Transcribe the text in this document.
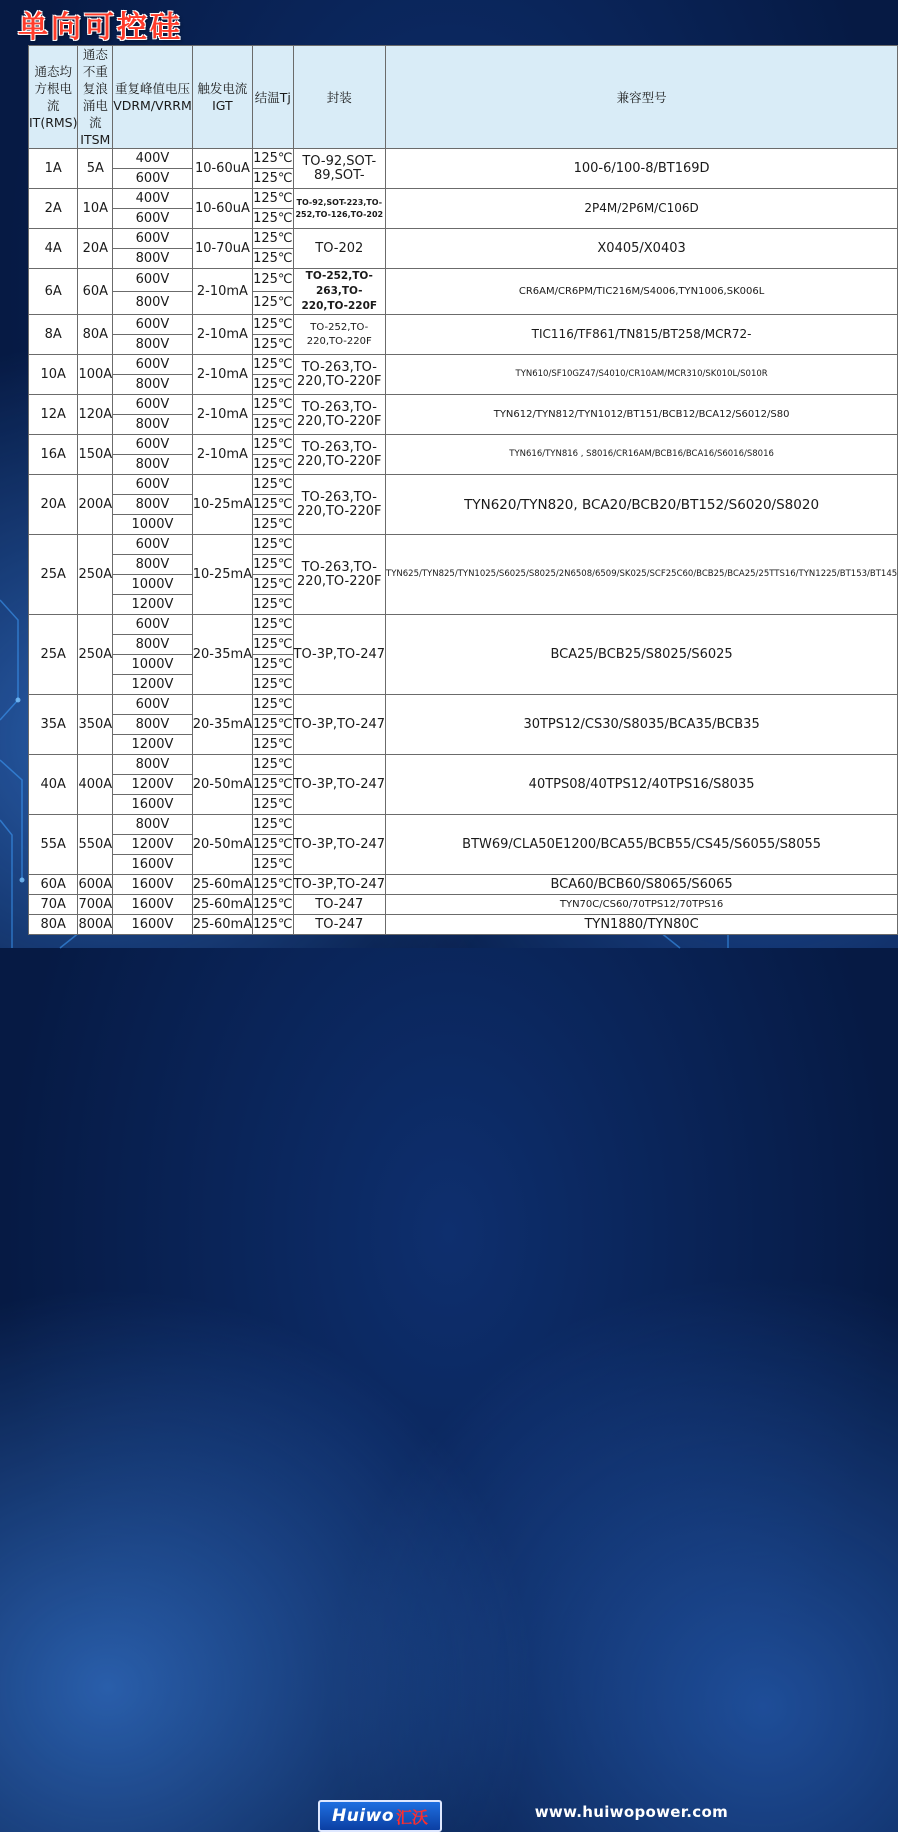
单向可控硅
通态均方根电流IT(RMS)	通态不重复浪涌电流ITSM	重复峰值电压VDRM/VRRM	触发电流IGT	结温Tj	封装	兼容型号
1A	5A	400V	10-60uA	125℃	TO-92,SOT-89,SOT-	100-6/100-8/BT169D
		600V		125℃		
2A	10A	400V	10-60uA	125℃	TO-92,SOT-223,TO-252,TO-126,TO-202	2P4M/2P6M/C106D
		600V		125℃		
4A	20A	600V	10-70uA	125℃	TO-202	X0405/X0403
		800V		125℃		
6A	60A	600V	2-10mA	125℃	TO-252,TO-263,TO-220,TO-220F	CR6AM/CR6PM/TIC216M/S4006,TYN1006,SK006L
		800V		125℃		
8A	80A	600V	2-10mA	125℃	TO-252,TO-220,TO-220F	TIC116/TF861/TN815/BT258/MCR72-
		800V		125℃		
10A	100A	600V	2-10mA	125℃	TO-263,TO-220,TO-220F	TYN610/SF10GZ47/S4010/CR10AM/MCR310/SK010L/S010R
		800V		125℃		
12A	120A	600V	2-10mA	125℃	TO-263,TO-220,TO-220F	TYN612/TYN812/TYN1012/BT151/BCB12/BCA12/S6012/S80
		800V		125℃		
16A	150A	600V	2-10mA	125℃	TO-263,TO-220,TO-220F	TYN616/TYN816 , S8016/CR16AM/BCB16/BCA16/S6016/S8016
		800V		125℃		
20A	200A	600V	10-25mA	125℃	TO-263,TO-220,TO-220F	TYN620/TYN820, BCA20/BCB20/BT152/S6020/S8020
		800V		125℃		
		1000V		125℃		
25A	250A	600V	10-25mA	125℃	TO-263,TO-220,TO-220F	TYN625/TYN825/TYN1025/S6025/S8025/2N6508/6509/SK025/SCF25C60/BCB25/BCA25/25TTS16/TYN1225/BT153/BT145
		800V		125℃		
		1000V		125℃		
		1200V		125℃		
25A	250A	600V	20-35mA	125℃	TO-3P,TO-247	BCA25/BCB25/S8025/S6025
		800V		125℃		
		1000V		125℃		
		1200V		125℃		
35A	350A	600V	20-35mA	125℃	TO-3P,TO-247	30TPS12/CS30/S8035/BCA35/BCB35
		800V		125℃		
		1200V		125℃		
40A	400A	800V	20-50mA	125℃	TO-3P,TO-247	40TPS08/40TPS12/40TPS16/S8035
		1200V		125℃		
		1600V		125℃		
55A	550A	800V	20-50mA	125℃	TO-3P,TO-247	BTW69/CLA50E1200/BCA55/BCB55/CS45/S6055/S8055
		1200V		125℃		
		1600V		125℃		
60A	600A	1600V	25-60mA	125℃	TO-3P,TO-247	BCA60/BCB60/S8065/S6065
70A	700A	1600V	25-60mA	125℃	TO-247	TYN70C/CS60/70TPS12/70TPS16
80A	800A	1600V	25-60mA	125℃	TO-247	TYN1880/TYN80C
Huiwo 汇沃	www.huiwopower.com
